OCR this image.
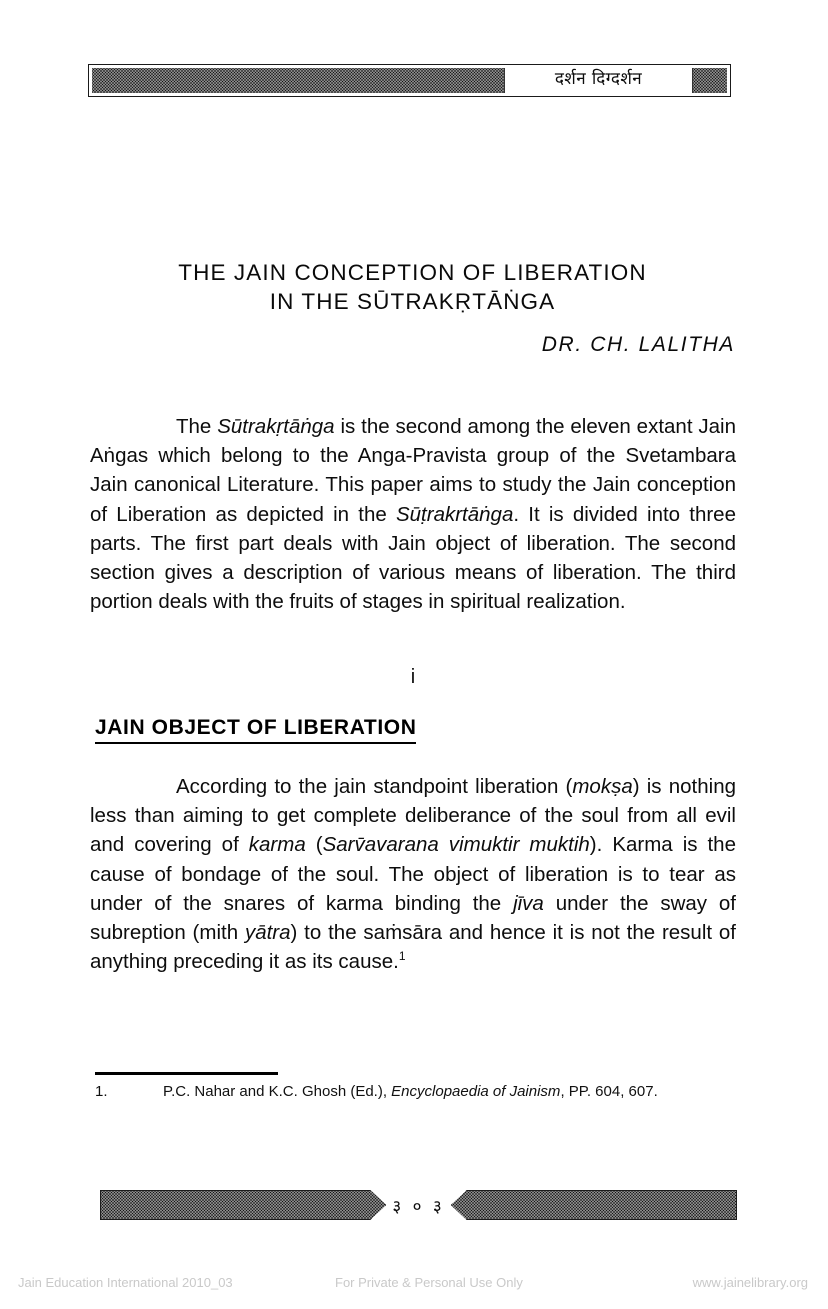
दर्शन दिग्दर्शन
THE JAIN CONCEPTION OF LIBERATION
IN THE SŪTRAKṚTĀṄGA
DR. CH. LALITHA

The Sūtrakṛtāṅga is the second among the eleven extant Jain Aṅgas which belong to the Anga-Pravista group of the Svetambara Jain canonical Literature. This paper aims to study the Jain conception of Liberation as depicted in the Sūṭrakrtāṅga. It is divided into three parts. The first part deals with Jain object of liberation. The second section gives a description of various means of liberation. The third portion deals with the fruits of stages in spiritual realization.

i
JAIN OBJECT OF LIBERATION

According to the jain standpoint liberation (mokṣa) is nothing less than aiming to get complete deliberance of the soul from all evil and covering of karma (Sarv̄avarana vimuktir muktih). Karma is the cause of bondage of the soul. The object of liberation is to tear as under of the snares of karma binding the jīva under the sway of subreption (mith yātra) to the saṁsāra and hence it is not the result of anything preceding it as its cause.$^1$

1.	P.C. Nahar and K.C. Ghosh (Ed.), Encyclopaedia of Jainism, PP. 604, 607.
३ ० ३
Jain Education International 2010_03	For Private & Personal Use Only	www.jainelibrary.org
